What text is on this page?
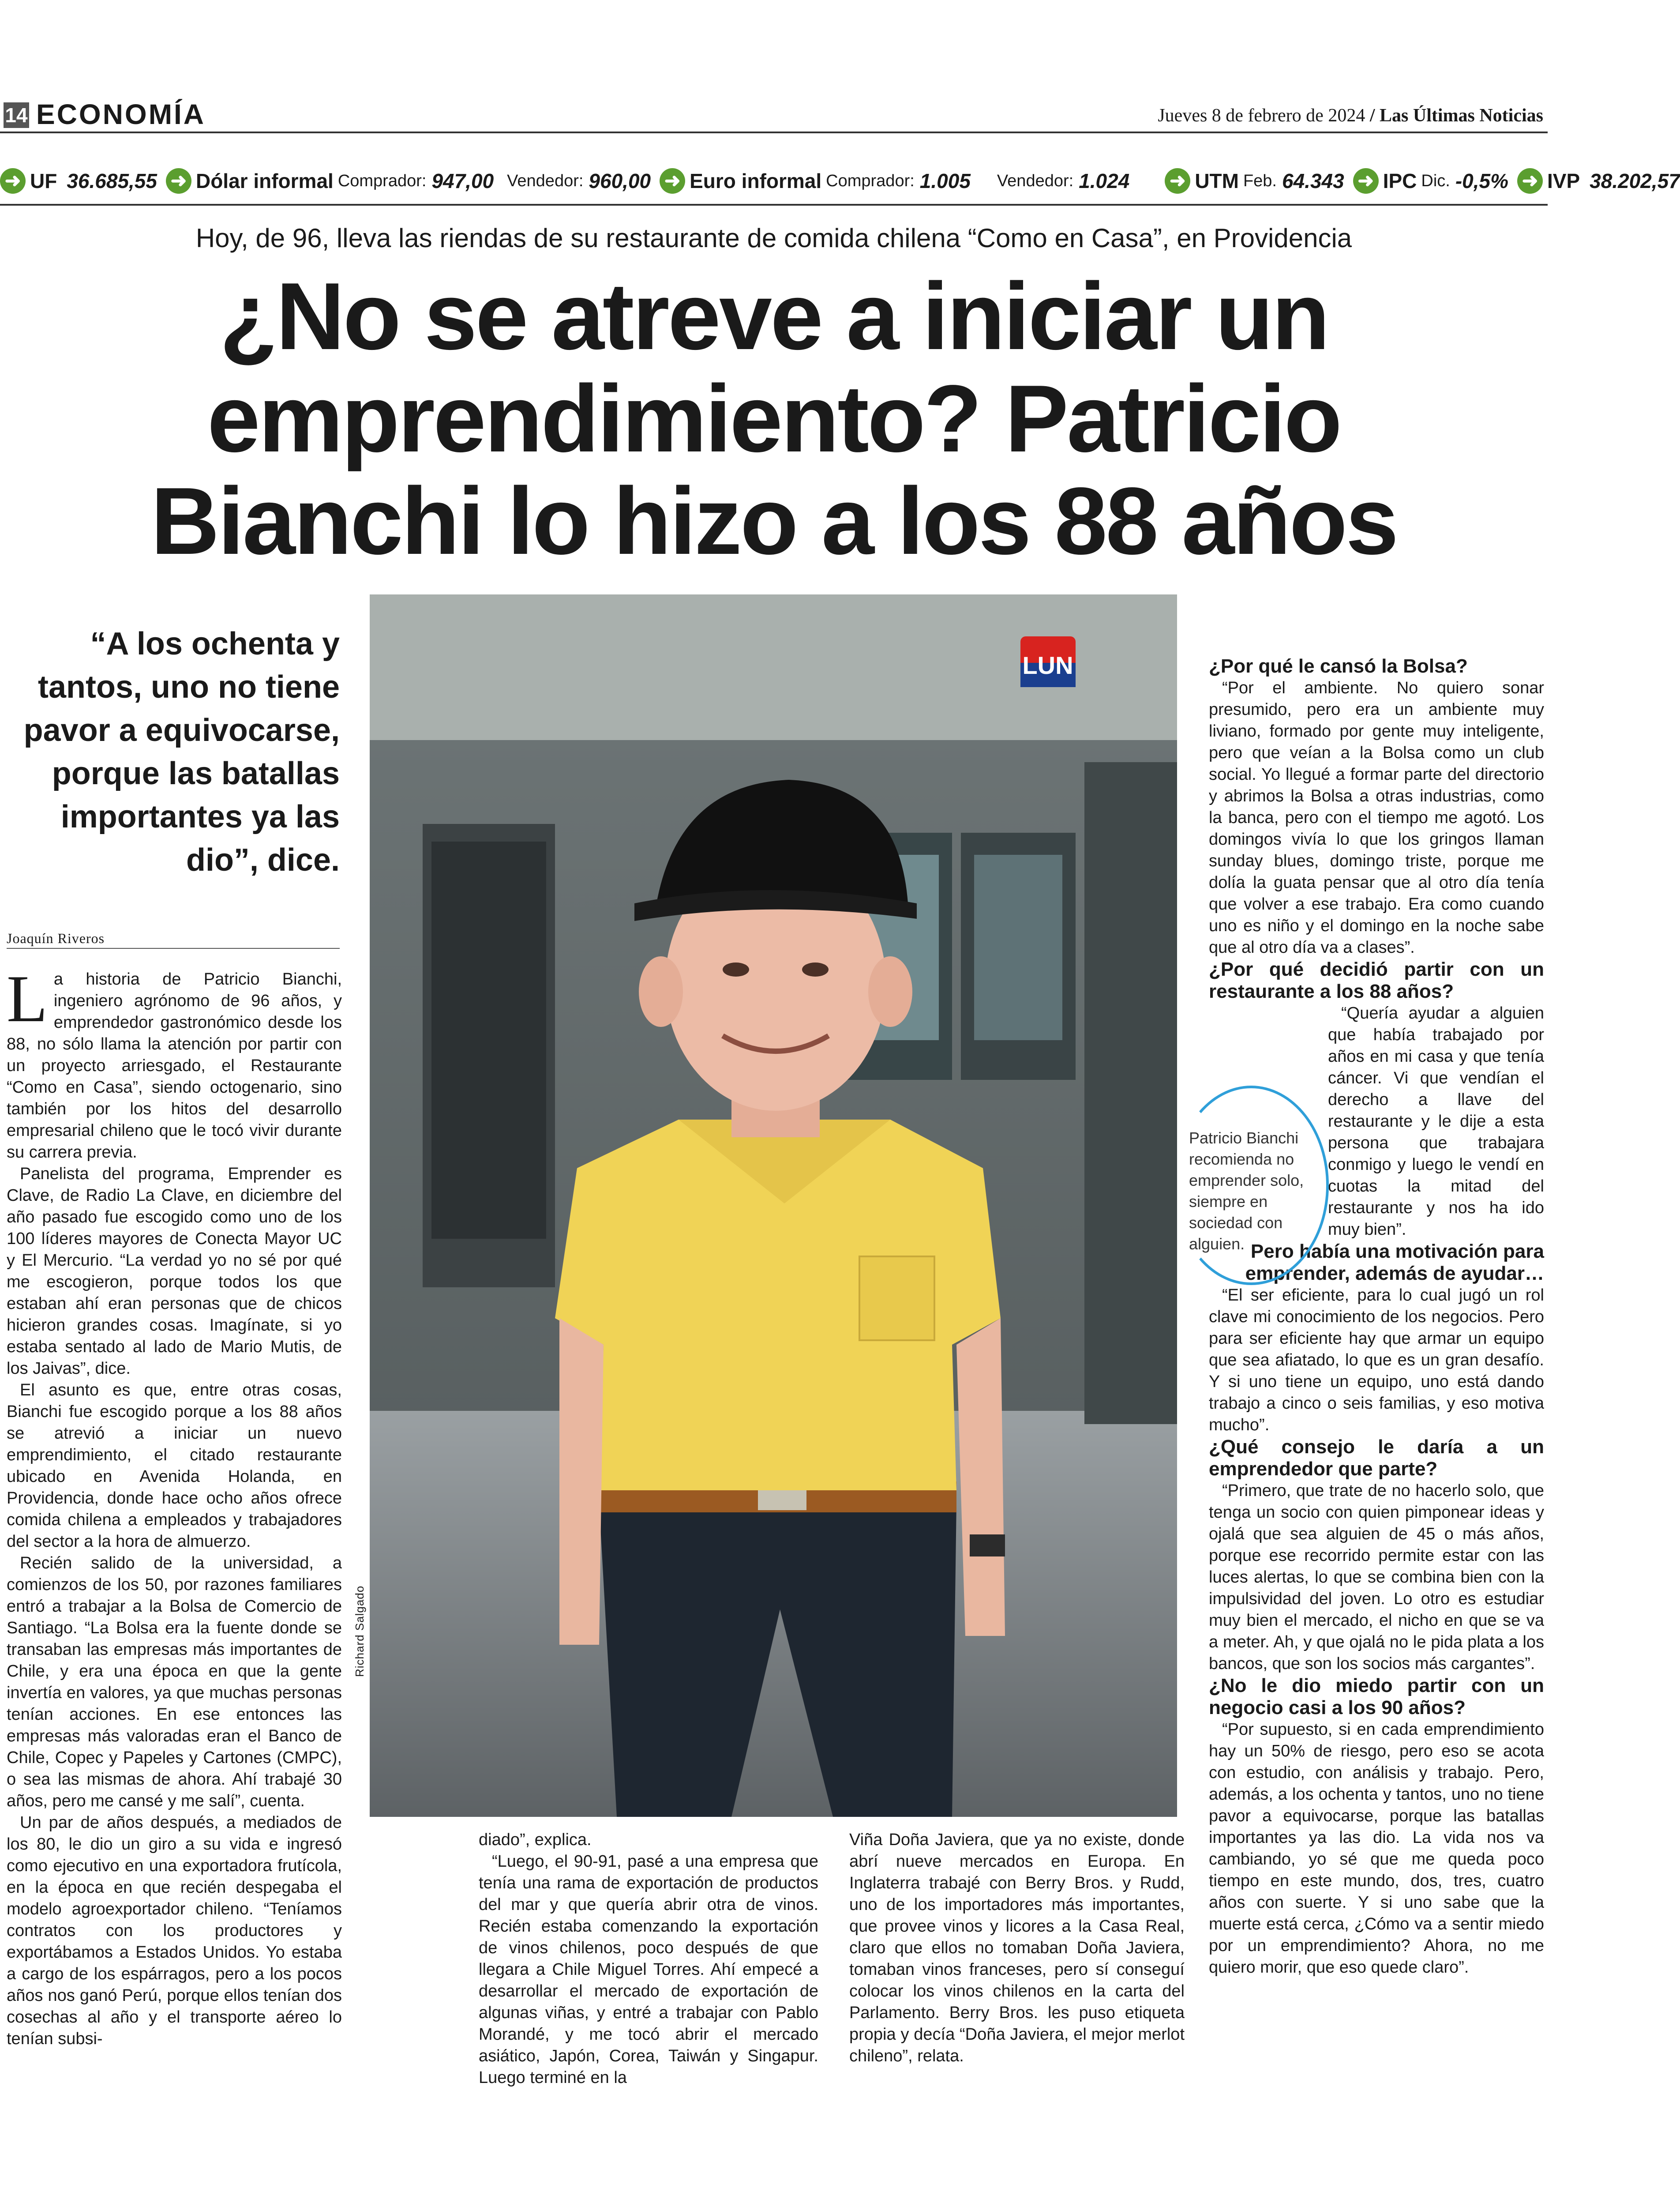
14 ECONOMÍA	Jueves 8 de febrero de 2024 / Las Últimas Noticias
➜ UF 36.685,55 ➜ Dólar informal Comprador: 947,00 Vendedor: 960,00 ➜ Euro informal Comprador: 1.005 Vendedor: 1.024 ➜ UTM Feb. 64.343 ➜ IPC Dic. -0,5% ➜ IVP 38.202,57
Hoy, de 96, lleva las riendas de su restaurante de comida chilena “Como en Casa”, en Providencia
¿No se atreve a iniciar un emprendimiento? Patricio Bianchi lo hizo a los 88 años
“A los ochenta y tantos, uno no tiene pavor a equivocarse, porque las batallas importantes ya las dio”, dice.
Joaquín Riveros
L a historia de Patricio Bianchi, ingeniero agrónomo de 96 años, y emprendedor gastronómico desde los 88, no sólo llama la atención por partir con un proyecto arriesgado, el Restaurante “Como en Casa”, siendo octogenario, sino también por los hitos del desarrollo empresarial chileno que le tocó vivir durante su carrera previa.

Panelista del programa, Emprender es Clave, de Radio La Clave, en diciembre del año pasado fue escogido como uno de los 100 líderes mayores de Conecta Mayor UC y El Mercurio. “La verdad yo no sé por qué me escogieron, porque todos los que estaban ahí eran personas que de chicos hicieron grandes cosas. Imagínate, si yo estaba sentado al lado de Mario Mutis, de los Jaivas”, dice.

El asunto es que, entre otras cosas, Bianchi fue escogido porque a los 88 años se atrevió a iniciar un nuevo emprendimiento, el citado restaurante ubicado en Avenida Holanda, en Providencia, donde hace ocho años ofrece comida chilena a empleados y trabajadores del sector a la hora de almuerzo.

Recién salido de la universidad, a comienzos de los 50, por razones familiares entró a trabajar a la Bolsa de Comercio de Santiago. “La Bolsa era la fuente donde se transaban las empresas más importantes de Chile, y era una época en que la gente invertía en valores, ya que muchas personas tenían acciones. En ese entonces las empresas más valoradas eran el Banco de Chile, Copec y Papeles y Cartones (CMPC), o sea las mismas de ahora. Ahí trabajé 30 años, pero me cansé y me salí”, cuenta.

Un par de años después, a mediados de los 80, le dio un giro a su vida e ingresó como ejecutivo en una exportadora frutícola, en la época en que recién despegaba el modelo agroexportador chileno. “Teníamos contratos con los productores y exportábamos a Estados Unidos. Yo estaba a cargo de los espárragos, pero a los pocos años nos ganó Perú, porque ellos tenían dos cosechas al año y el transporte aéreo lo tenían subsi-

LUN
Richard Salgado

diado”, explica.

“Luego, el 90-91, pasé a una empresa que tenía una rama de exportación de productos del mar y que quería abrir otra de vinos. Recién estaba comenzando la exportación de vinos chilenos, poco después de que llegara a Chile Miguel Torres. Ahí empecé a desarrollar el mercado de exportación de algunas viñas, y entré a trabajar con Pablo Morandé, y me tocó abrir el mercado asiático, Japón, Corea, Taiwán y Singapur. Luego terminé en la

Viña Doña Javiera, que ya no existe, donde abrí nueve mercados en Europa. En Inglaterra trabajé con Berry Bros. y Rudd, uno de los importadores más importantes, que provee vinos y licores a la Casa Real, claro que ellos no tomaban Doña Javiera, tomaban vinos franceses, pero sí conseguí colocar los vinos chilenos en la carta del Parlamento. Berry Bros. les puso etiqueta propia y decía “Doña Javiera, el mejor merlot chileno”, relata.

¿Por qué le cansó la Bolsa?

“Por el ambiente. No quiero sonar presumido, pero era un ambiente muy liviano, formado por gente muy inteligente, pero que veían a la Bolsa como un club social. Yo llegué a formar parte del directorio y abrimos la Bolsa a otras industrias, como la banca, pero con el tiempo me agotó. Los domingos vivía lo que los gringos llaman sunday blues, domingo triste, porque me dolía la guata pensar que al otro día tenía que volver a ese trabajo. Era como cuando uno es niño y el domingo en la noche sabe que al otro día va a clases”.

¿Por qué decidió partir con un restaurante a los 88 años?

“Quería ayudar a alguien que había trabajado por años en mi casa y que tenía cáncer. Vi que vendían el derecho a llave del restaurante y le dije a esta persona que trabajara conmigo y luego le vendí en cuotas la mitad del restaurante y nos ha ido muy bien”.

Pero había una motivación para emprender, además de ayudar…

“El ser eficiente, para lo cual jugó un rol clave mi conocimiento de los negocios. Pero para ser eficiente hay que armar un equipo que sea afiatado, lo que es un gran desafío. Y si uno tiene un equipo, uno está dando trabajo a cinco o seis familias, y eso motiva mucho”.

¿Qué consejo le daría a un emprendedor que parte?

“Primero, que trate de no hacerlo solo, que tenga un socio con quien pimponear ideas y ojalá que sea alguien de 45 o más años, porque ese recorrido permite estar con las luces alertas, lo que se combina bien con la impulsividad del joven. Lo otro es estudiar muy bien el mercado, el nicho en que se va a meter. Ah, y que ojalá no le pida plata a los bancos, que son los socios más cargantes”.

¿No le dio miedo partir con un negocio casi a los 90 años?

“Por supuesto, si en cada emprendimiento hay un 50% de riesgo, pero eso se acota con estudio, con análisis y trabajo. Pero, además, a los ochenta y tantos, uno no tiene pavor a equivocarse, porque las batallas importantes ya las dio. La vida nos va cambiando, yo sé que me queda poco tiempo en este mundo, dos, tres, cuatro años con suerte. Y si uno sabe que la muerte está cerca, ¿Cómo va a sentir miedo por un emprendimiento? Ahora, no me quiero morir, que eso quede claro”.

Patricio Bianchi recomienda no emprender solo, siempre en sociedad con alguien.
